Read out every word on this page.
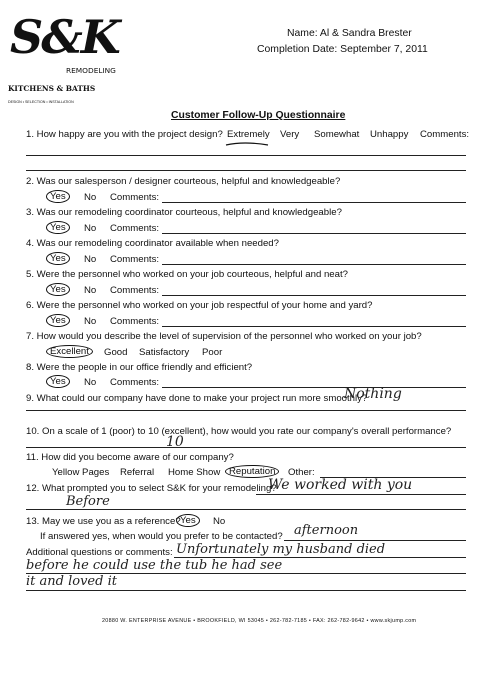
Name: Al & Sandra Brester
Completion Date: September 7, 2011
S&K
REMODELING
KITCHENS & BATHS
DESIGN • SELECTION • INSTALLATION
Customer Follow-Up Questionnaire
1. How happy are you with the project design? Extremely Very Somewhat Unhappy Comments:
2. Was our salesperson / designer courteous, helpful and knowledgeable?
Yes	No Comments:
3. Was our remodeling coordinator courteous, helpful and knowledgeable?
Yes	No Comments:
4. Was our remodeling coordinator available when needed?
Yes	No Comments:
5. Were the personnel who worked on your job courteous, helpful and neat?
Yes	No Comments:
6. Were the personnel who worked on your job respectful of your home and yard?
Yes	No Comments:
7. How would you describe the level of supervision of the personnel who worked on your job?
Excellent	Good Satisfactory Poor
8. Were the people in our office friendly and efficient?
Yes	No Comments:
9. What could our company have done to make your project run more smoothly?
Nothing
10. On a scale of 1 (poor) to 10 (excellent), how would you rate our company's overall performance?
10
11. How did you become aware of our company?
Yellow Pages Referral Home Show Reputation	Other:
12. What prompted you to select S&K for your remodeling?
We worked with you
Before
13. May we use you as a reference? Yes	No
If answered yes, when would you prefer to be contacted? afternoon
Additional questions or comments: Unfortunately my husband died
before he could use the tub he had see
it and loved it
20880 W. ENTERPRISE AVENUE • BROOKFIELD, WI 53045 • 262-782-7185 • FAX: 262-782-9642 • www.skjump.com
